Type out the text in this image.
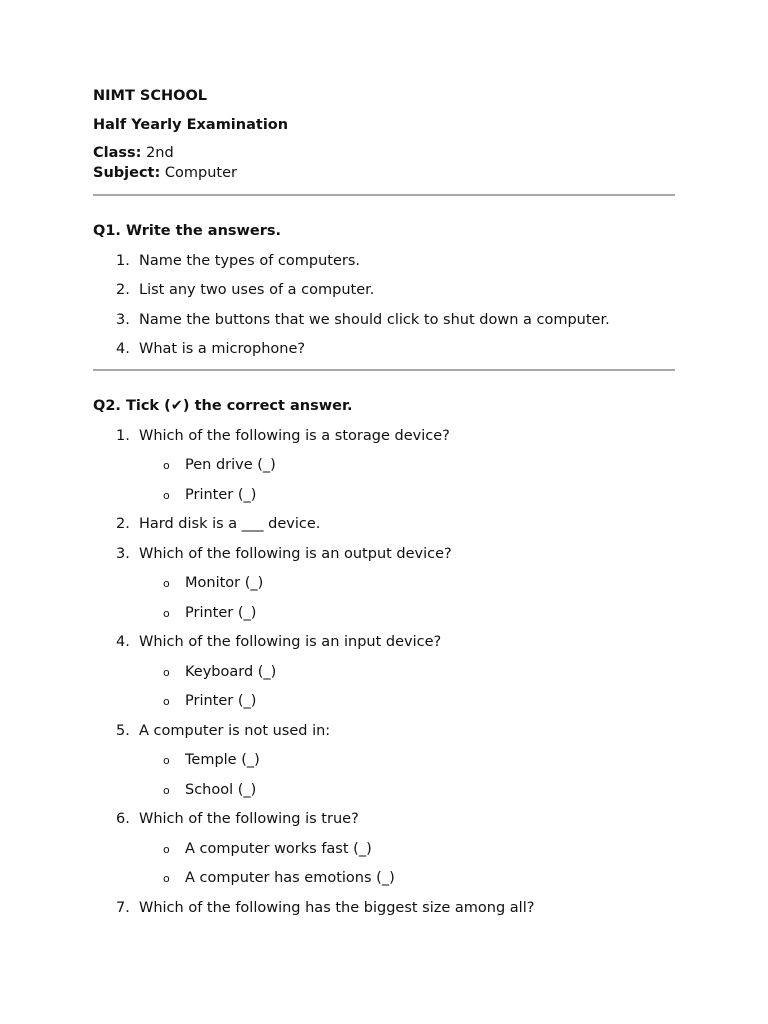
NIMT SCHOOL
Half Yearly Examination
Class: 2nd
Subject: Computer
Q1. Write the answers.
1. Name the types of computers.
2. List any two uses of a computer.
3. Name the buttons that we should click to shut down a computer.
4. What is a microphone?
Q2. Tick (✔) the correct answer.
1. Which of the following is a storage device?
o Pen drive (_)
o Printer (_)
2. Hard disk is a ___ device.
3. Which of the following is an output device?
o Monitor (_)
o Printer (_)
4. Which of the following is an input device?
o Keyboard (_)
o Printer (_)
5. A computer is not used in:
o Temple (_)
o School (_)
6. Which of the following is true?
o A computer works fast (_)
o A computer has emotions (_)
7. Which of the following has the biggest size among all?
